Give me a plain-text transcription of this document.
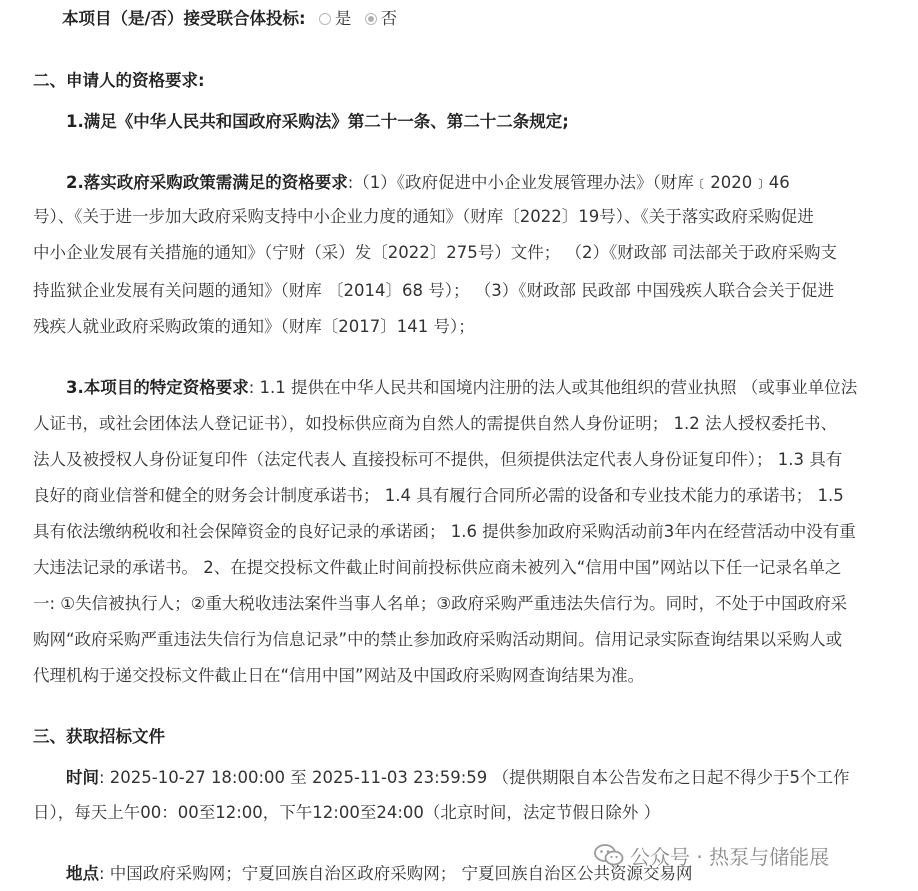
本项目（是/否）接受联合体投标: 是 否
二、申请人的资格要求:
1.满足《中华人民共和国政府采购法》第二十一条、第二十二条规定;
2.落实政府采购政策需满足的资格要求:（1）《政府促进中小企业发展管理办法》（财库﹝2020﹞46
号）、《关于进一步加大政府采购支持中小企业力度的通知》（财库〔2022〕19号）、《关于落实政府采购促进
中小企业发展有关措施的通知》（宁财（采）发〔2022〕275号）文件； （2）《财政部 司法部关于政府采购支
持监狱企业发展有关问题的通知》（财库 〔2014〕68 号）； （3）《财政部 民政部 中国残疾人联合会关于促进
残疾人就业政府采购政策的通知》（财库〔2017〕141 号）；
3.本项目的特定资格要求: 1.1 提供在中华人民共和国境内注册的法人或其他组织的营业执照 （或事业单位法
人证书，或社会团体法人登记证书），如投标供应商为自然人的需提供自然人身份证明； 1.2 法人授权委托书、
法人及被授权人身份证复印件（法定代表人 直接投标可不提供，但须提供法定代表人身份证复印件）； 1.3 具有
良好的商业信誉和健全的财务会计制度承诺书； 1.4 具有履行合同所必需的设备和专业技术能力的承诺书； 1.5
具有依法缴纳税收和社会保障资金的良好记录的承诺函； 1.6 提供参加政府采购活动前3年内在经营活动中没有重
大违法记录的承诺书。 2、在提交投标文件截止时间前投标供应商未被列入“信用中国”网站以下任一记录名单之
一: ①失信被执行人；②重大税收违法案件当事人名单；③政府采购严重违法失信行为。同时，不处于中国政府采
购网“政府采购严重违法失信行为信息记录”中的禁止参加政府采购活动期间。信用记录实际查询结果以采购人或
代理机构于递交投标文件截止日在“信用中国”网站及中国政府采购网查询结果为准。
三、获取招标文件
时间: 2025-10-27 18:00:00 至 2025-11-03 23:59:59 （提供期限自本公告发布之日起不得少于5个工作
日），每天上午00：00至12:00，下午12:00至24:00（北京时间，法定节假日除外 ）
地点: 中国政府采购网；宁夏回族自治区政府采购网； 宁夏回族自治区公共资源交易网
公众号 · 热泵与储能展
